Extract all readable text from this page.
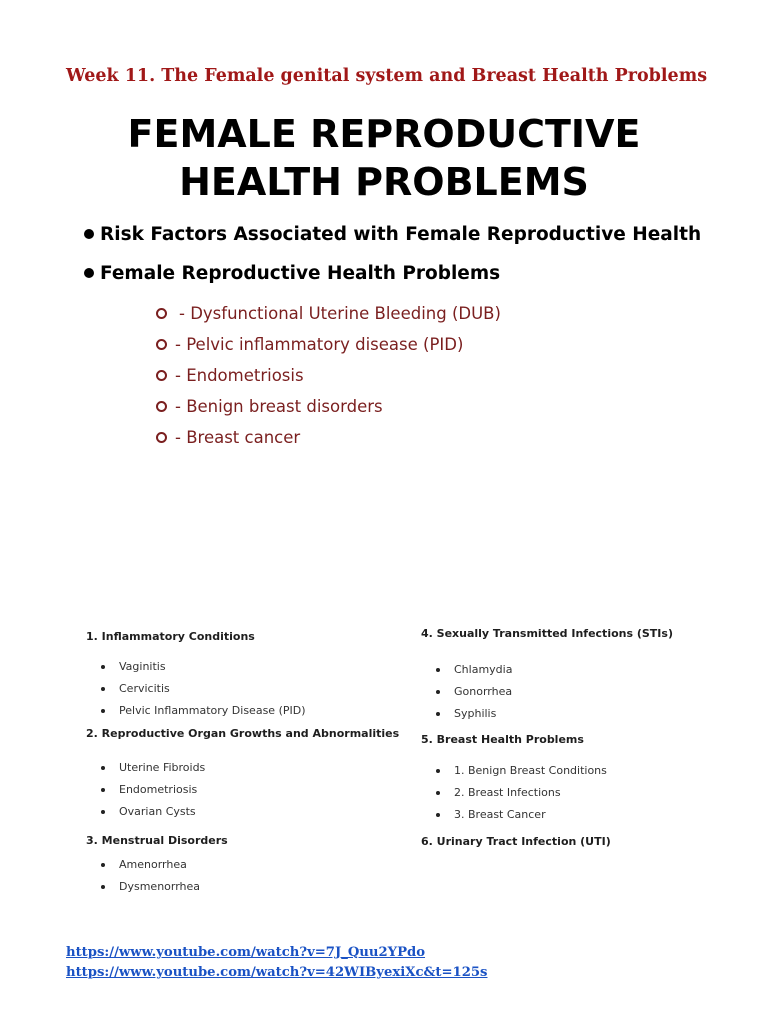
Week 11. The Female genital system and Breast Health Problems
FEMALE REPRODUCTIVE
HEALTH PROBLEMS
Risk Factors Associated with Female Reproductive Health
Female Reproductive Health Problems
- Dysfunctional Uterine Bleeding (DUB)
- Pelvic inflammatory disease (PID)
- Endometriosis
- Benign breast disorders
- Breast cancer
1. Inflammatory Conditions
Vaginitis
Cervicitis
Pelvic Inflammatory Disease (PID)
2. Reproductive Organ Growths and Abnormalities
Uterine Fibroids
Endometriosis
Ovarian Cysts
3. Menstrual Disorders
Amenorrhea
Dysmenorrhea
4. Sexually Transmitted Infections (STIs)
Chlamydia
Gonorrhea
Syphilis
5. Breast Health Problems
1. Benign Breast Conditions
2. Breast Infections
3. Breast Cancer
6. Urinary Tract Infection (UTI)
https://www.youtube.com/watch?v=7J_Quu2YPdo
https://www.youtube.com/watch?v=42WIByexiXc&t=125s
